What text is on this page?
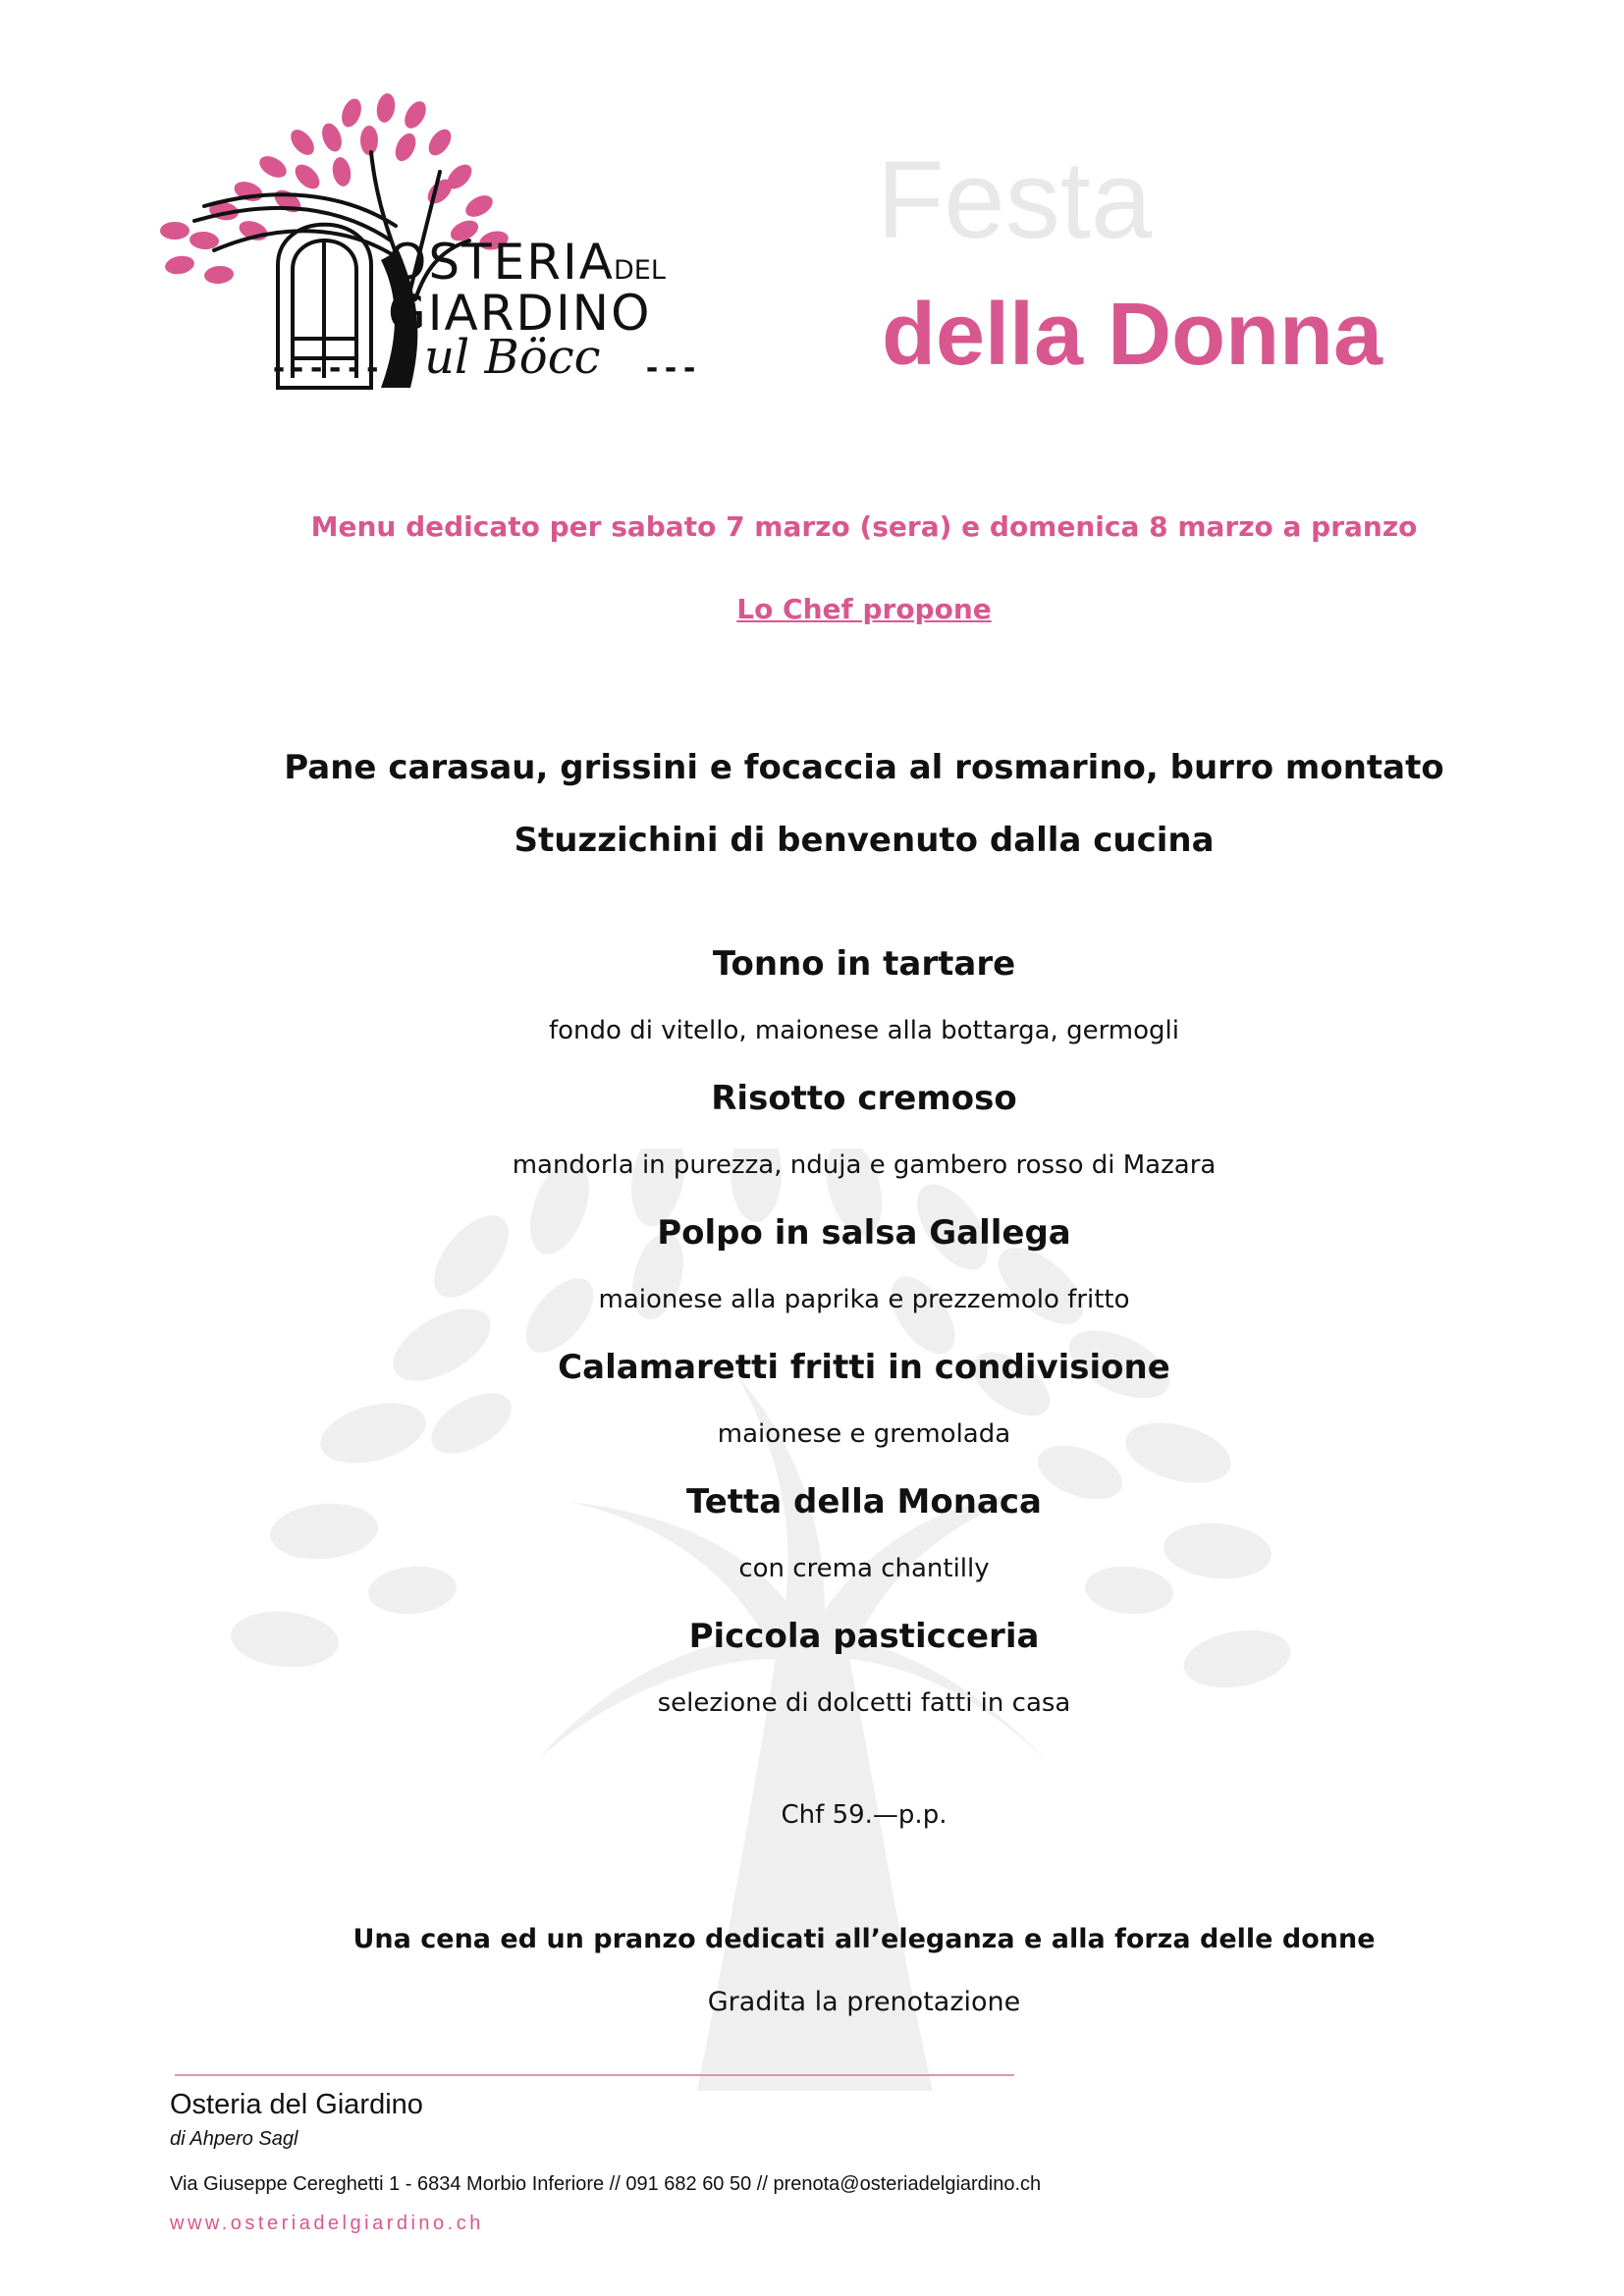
OSTERIA DEL
GIARDINO
------ ul Böcc ---
Festa
della Donna
Menu dedicato per sabato 7 marzo (sera) e domenica 8 marzo a pranzo
Lo Chef propone
Pane carasau, grissini e focaccia al rosmarino, burro montato
Stuzzichini di benvenuto dalla cucina
Tonno in tartare
fondo di vitello, maionese alla bottarga, germogli
Risotto cremoso
mandorla in purezza, nduja e gambero rosso di Mazara
Polpo in salsa Gallega
maionese alla paprika e prezzemolo fritto
Calamaretti fritti in condivisione
maionese e gremolada
Tetta della Monaca
con crema chantilly
Piccola pasticceria
selezione di dolcetti fatti in casa
Chf 59.—p.p.
Una cena ed un pranzo dedicati all’eleganza e alla forza delle donne
Gradita la prenotazione
Osteria del Giardino
di Ahpero Sagl
Via Giuseppe Cereghetti 1 - 6834 Morbio Inferiore // 091 682 60 50 // prenota@osteriadelgiardino.ch
www.osteriadelgiardino.ch
